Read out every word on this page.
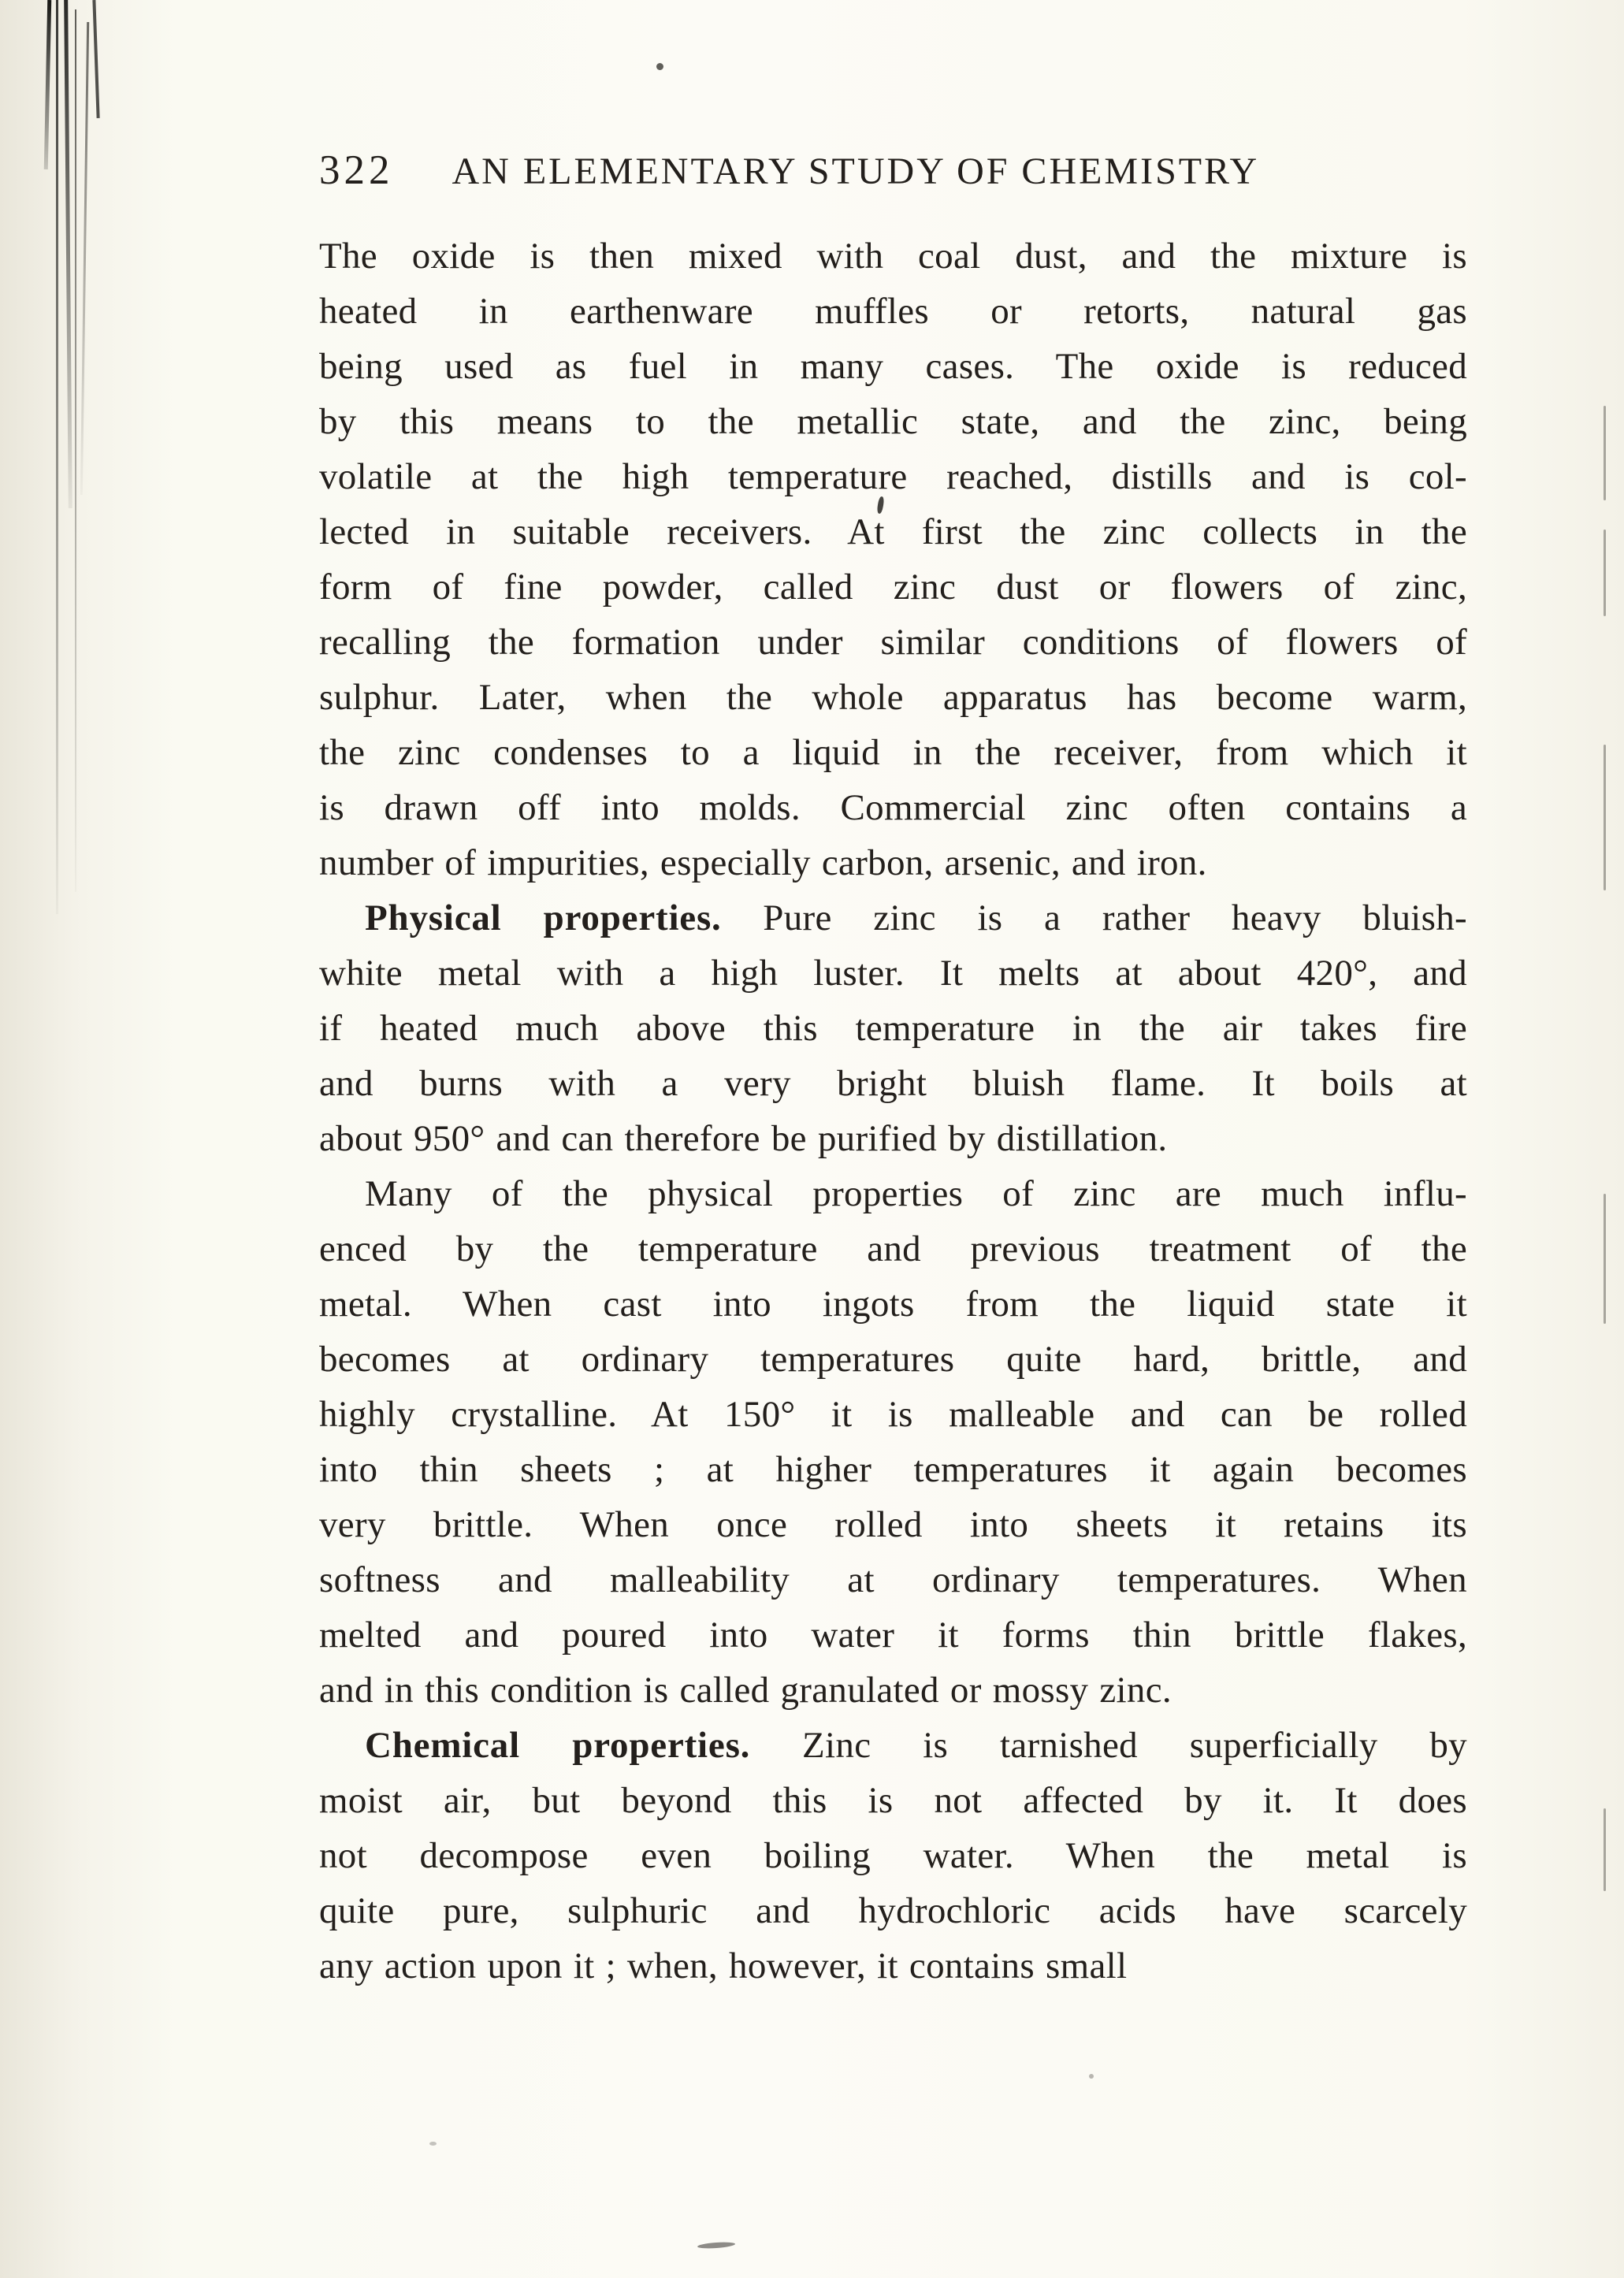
322 AN ELEMENTARY STUDY OF CHEMISTRY
The oxide is then mixed with coal dust, and the mixture is
heated in earthenware muffles or retorts, natural gas
being used as fuel in many cases. The oxide is reduced
by this means to the metallic state, and the zinc, being
volatile at the high temperature reached, distills and is col-
lected in suitable receivers. At first the zinc collects in the
form of fine powder, called zinc dust or flowers of zinc,
recalling the formation under similar conditions of flowers of
sulphur. Later, when the whole apparatus has become warm,
the zinc condenses to a liquid in the receiver, from which it
is drawn off into molds. Commercial zinc often contains a
number of impurities, especially carbon, arsenic, and iron.
Physical properties. Pure zinc is a rather heavy bluish-
white metal with a high luster. It melts at about 420°, and
if heated much above this temperature in the air takes fire
and burns with a very bright bluish flame. It boils at
about 950° and can therefore be purified by distillation.
Many of the physical properties of zinc are much influ-
enced by the temperature and previous treatment of the
metal. When cast into ingots from the liquid state it
becomes at ordinary temperatures quite hard, brittle, and
highly crystalline. At 150° it is malleable and can be rolled
into thin sheets ; at higher temperatures it again becomes
very brittle. When once rolled into sheets it retains its
softness and malleability at ordinary temperatures. When
melted and poured into water it forms thin brittle flakes,
and in this condition is called granulated or mossy zinc.
Chemical properties. Zinc is tarnished superficially by
moist air, but beyond this is not affected by it. It does
not decompose even boiling water. When the metal is
quite pure, sulphuric and hydrochloric acids have scarcely
any action upon it ; when, however, it contains small
